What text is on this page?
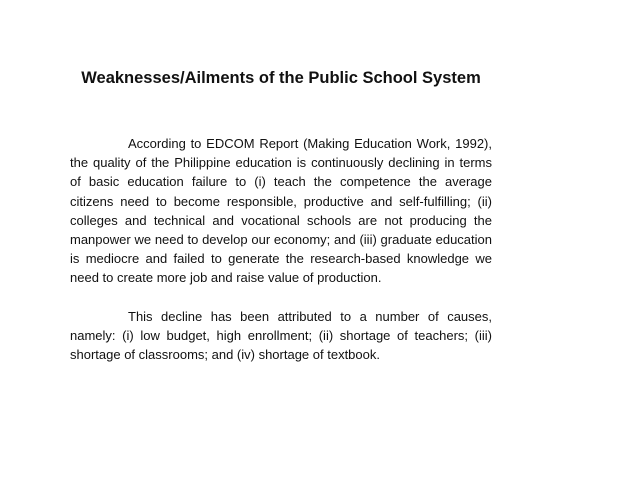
Weaknesses/Ailments of the Public School System

According to EDCOM Report (Making Education Work, 1992), the quality of the Philippine education is continuously declining in terms of basic education failure to (i) teach the competence the average citizens need to become responsible, productive and self-fulfilling; (ii) colleges and technical and vocational schools are not producing the manpower we need to develop our economy; and (iii) graduate education is mediocre and failed to generate the research-based knowledge we need to create more job and raise value of production.

This decline has been attributed to a number of causes, namely: (i) low budget, high enrollment; (ii) shortage of teachers; (iii) shortage of classrooms; and (iv) shortage of textbook.
